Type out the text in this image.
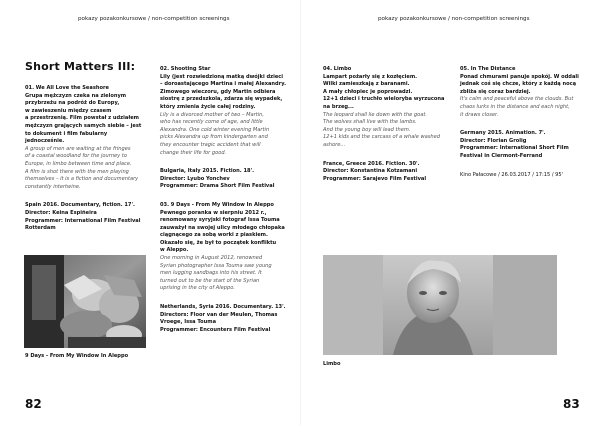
pokazy pozakonkursowe / non-competition screenings	pokazy pozakonkursowe / non-competition screenings
Short Matters III:

01. We All Love the Seashore

Grupa mężczyzn czeka na zielonym

przybrzeżu na podróż do Europy,

w zawieszeniu między czasem

a przestrzenią. Film powstał z udziałem

mężczyzn grających samych siebie – jest

to dokument i film fabularny jednocześnie.

A group of men are waiting at the fringes

of a coastal woodland for the journey to

Europe, in limbo between time and place.

A film is shot there with the men playing

themselves – it is a fiction and documentary

constantly intertwine.

Spain 2016. Documentary, fiction. 17'.

Director: Keina Espiñeira

Programmer: International Film Festival

Rotterdam

02. Shooting Star

Lily (jest rozwiedzioną matką dwójki dzieci

– doroastającego Martina i małej Alexandry.

Zimowego wieczoru, gdy Martin odbiera

siostrę z przedszkola, zdarza się wypadek,

który zmienia życie całej rodziny.

Lily is a divorced mother of two – Martin,

who has recently come of age, and little

Alexandra. One cold winter evening Martin

picks Alexandra up from kindergarten and

they encounter tragic accident that will

change their life for good.

Bulgaria, Italy 2015. Fiction. 18'.

Director: Lyubo Yonchev

Programmer: Drama Short Film Festival

03. 9 Days - From My Window In Aleppo

Pewnego poranka w sierpniu 2012 r.,

renomowany syryjski fotograf Issa Touma

zauważył na swojej ulicy młodego chłopaka

ciągnącego za sobą worki z piaskiem.

Okazało się, że był to początek konfliktu

w Aleppo.

One morning in August 2012, renowned

Syrian photographer Issa Touma saw young

men lugging sandbags into his street. It

turned out to be the start of the Syrian

uprising in the city of Aleppo.

Netherlands, Syria 2016. Documentary. 13'.

Directors: Floor van der Meulen, Thomas

Vroege, Issa Touma

Programmer: Encounters Film Festival

9 Days - From My Window In Aleppo

04. Limbo

Lampart pożarły się z kozłęciem.

Wilki zamieszkają z baranami.

A mały chłopiec je poprowadzi.

12+1 dzieci i truchło wieloryba wyrzucona

na brzeg...

The leopard shall lie down with the goat.

The wolves shall live with the lambs.

And the young boy will lead them.

12+1 kids and the carcass of a whale washed

ashore...

France, Greece 2016. Fiction. 30'.

Director: Konstantina Kotzamani

Programmer: Sarajevo Film Festival

05. In The Distance

Ponad chmurami panuje spokój. W oddali

jednak coś się chcze, który z każdą nocą

zbliża się coraz bardziej.

It's calm and peaceful above the clouds. But

chaos lurks in the distance and each night,

it draws closer.

Germany 2015. Animation. 7'.

Director: Florian Grolig

Programmer: International Short Film

Festival in Clermont-Ferrand

Kino Pałacowe / 26.03.2017 / 17:15 / 95'

Limbo
82	83
